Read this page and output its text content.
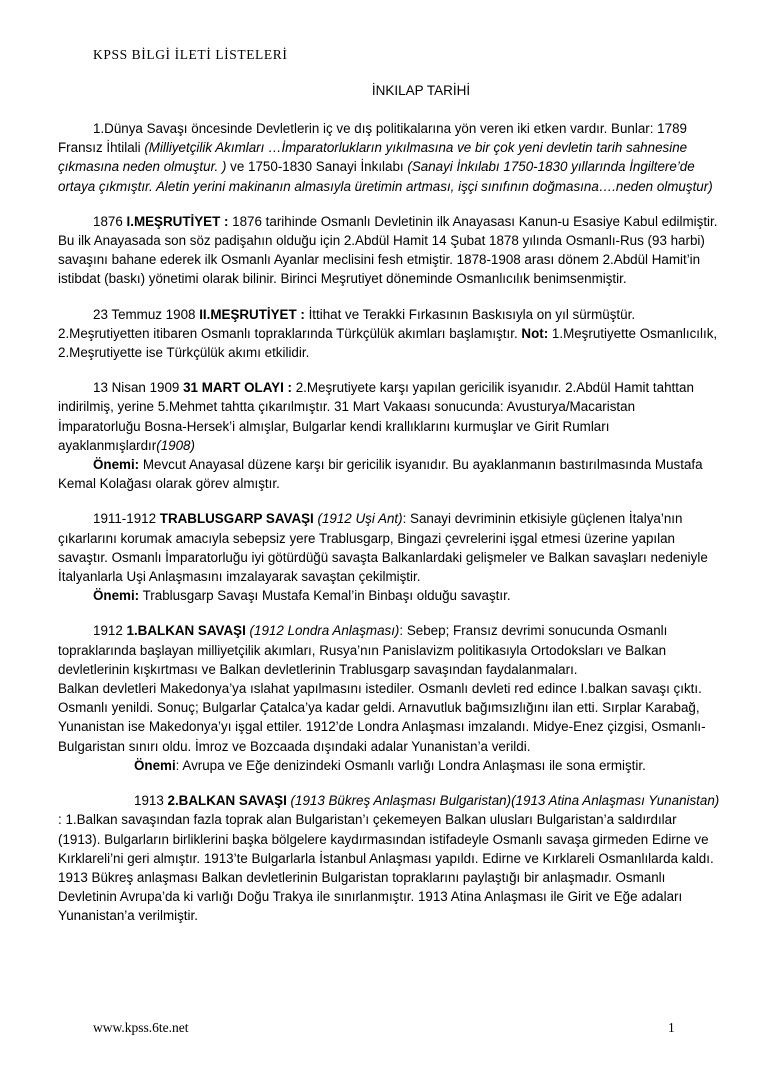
KPSS BİLGİ İLETİ LİSTELERİ
İNKILAP TARİHİ

1.Dünya Savaşı öncesinde Devletlerin iç ve dış politikalarına yön veren iki etken vardır. Bunlar: 1789 Fransız İhtilali (Milliyetçilik Akımları …İmparatorlukların yıkılmasına ve bir çok yeni devletin tarih sahnesine çıkmasına neden olmuştur. ) ve 1750-1830 Sanayi İnkılabı (Sanayi İnkılabı 1750-1830 yıllarında İngiltere’de ortaya çıkmıştır. Aletin yerini makinanın almasıyla üretimin artması, işçi sınıfının doğmasına….neden olmuştur)

1876 I.MEŞRUTİYET : 1876 tarihinde Osmanlı Devletinin ilk Anayasası Kanun-u Esasiye Kabul edilmiştir. Bu ilk Anayasada son söz padişahın olduğu için 2.Abdül Hamit 14 Şubat 1878 yılında Osmanlı-Rus (93 harbi) savaşını bahane ederek ilk Osmanlı Ayanlar meclisini fesh etmiştir. 1878-1908 arası dönem 2.Abdül Hamit’in istibdat (baskı) yönetimi olarak bilinir. Birinci Meşrutiyet döneminde Osmanlıcılık benimsenmiştir.

23 Temmuz 1908 II.MEŞRUTİYET : İttihat ve Terakki Fırkasının Baskısıyla on yıl sürmüştür. 2.Meşrutiyetten itibaren Osmanlı topraklarında Türkçülük akımları başlamıştır. Not: 1.Meşrutiyette Osmanlıcılık, 2.Meşrutiyette ise Türkçülük akımı etkilidir.

13 Nisan 1909 31 MART OLAYI : 2.Meşrutiyete karşı yapılan gericilik isyanıdır. 2.Abdül Hamit tahttan indirilmiş, yerine 5.Mehmet tahtta çıkarılmıştır. 31 Mart Vakaası sonucunda: Avusturya/Macaristan İmparatorluğu Bosna-Hersek’i almışlar, Bulgarlar kendi krallıklarını kurmuşlar ve Girit Rumları ayaklanmışlardır(1908)

Önemi: Mevcut Anayasal düzene karşı bir gericilik isyanıdır. Bu ayaklanmanın bastırılmasında Mustafa Kemal Kolağası olarak görev almıştır.

1911-1912 TRABLUSGARP SAVAŞI (1912 Uşi Ant): Sanayi devriminin etkisiyle güçlenen İtalya’nın çıkarlarını korumak amacıyla sebepsiz yere Trablusgarp, Bingazi çevrelerini işgal etmesi üzerine yapılan savaştır. Osmanlı İmparatorluğu iyi götürdüğü savaşta Balkanlardaki gelişmeler ve Balkan savaşları nedeniyle İtalyanlarla Uşi Anlaşmasını imzalayarak savaştan çekilmiştir.

Önemi: Trablusgarp Savaşı Mustafa Kemal’in Binbaşı olduğu savaştır.

1912 1.BALKAN SAVAŞI (1912 Londra Anlaşması): Sebep; Fransız devrimi sonucunda Osmanlı topraklarında başlayan milliyetçilik akımları, Rusya’nın Panislavizm politikasıyla Ortodoksları ve Balkan devletlerinin kışkırtması ve Balkan devletlerinin Trablusgarp savaşından faydalanmaları.

Balkan devletleri Makedonya’ya ıslahat yapılmasını istediler. Osmanlı devleti red edince I.balkan savaşı çıktı. Osmanlı yenildi. Sonuç; Bulgarlar Çatalca’ya kadar geldi. Arnavutluk bağımsızlığını ilan etti. Sırplar Karabağ, Yunanistan ise Makedonya’yı işgal ettiler. 1912’de Londra Anlaşması imzalandı. Midye-Enez çizgisi, Osmanlı-Bulgaristan sınırı oldu. İmroz ve Bozcaada dışındaki adalar Yunanistan’a verildi.

Önemi: Avrupa ve Eğe denizindeki Osmanlı varlığı Londra Anlaşması ile sona ermiştir.

1913 2.BALKAN SAVAŞI (1913 Bükreş Anlaşması Bulgaristan)(1913 Atina Anlaşması Yunanistan) : 1.Balkan savaşından fazla toprak alan Bulgaristan’ı çekemeyen Balkan ulusları Bulgaristan’a saldırdılar (1913). Bulgarların birliklerini başka bölgelere kaydırmasından istifadeyle Osmanlı savaşa girmeden Edirne ve Kırklareli’ni geri almıştır. 1913’te Bulgarlarla İstanbul Anlaşması yapıldı. Edirne ve Kırklareli Osmanlılarda kaldı. 1913 Bükreş anlaşması Balkan devletlerinin Bulgaristan topraklarını paylaştığı bir anlaşmadır. Osmanlı Devletinin Avrupa’da ki varlığı Doğu Trakya ile sınırlanmıştır. 1913 Atina Anlaşması ile Girit ve Eğe adaları Yunanistan’a verilmiştir.

www.kpss.6te.net	1
